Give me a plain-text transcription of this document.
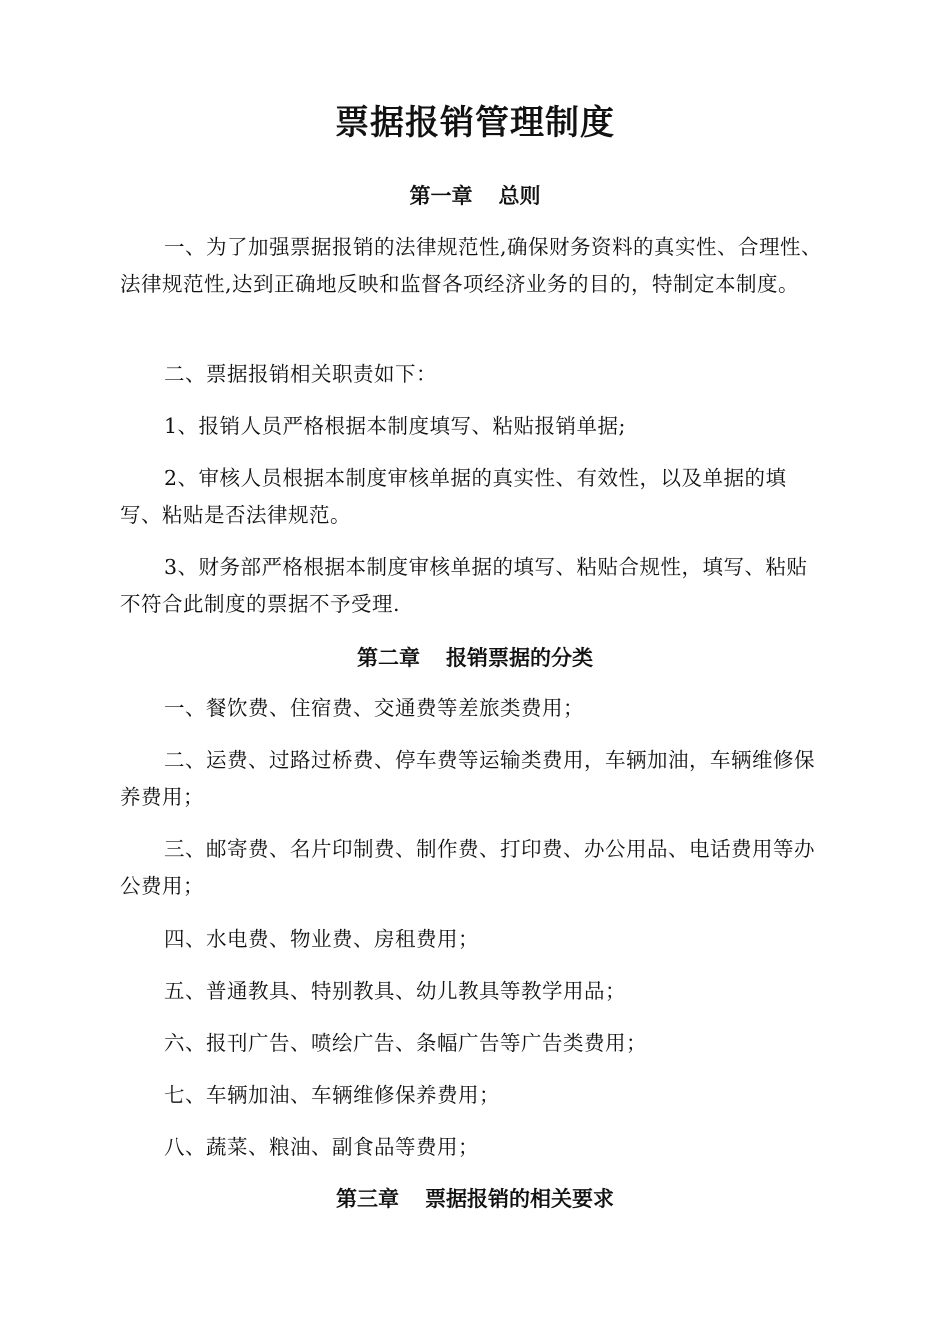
票据报销管理制度
第一章 总则

一、为了加强票据报销的法律规范性,确保财务资料的真实性、合理性、法律规范性,达到正确地反映和监督各项经济业务的目的，特制定本制度。

二、票据报销相关职责如下：

1、报销人员严格根据本制度填写、粘贴报销单据;

2、审核人员根据本制度审核单据的真实性、有效性，以及单据的填写、粘贴是否法律规范。

3、财务部严格根据本制度审核单据的填写、粘贴合规性，填写、粘贴不符合此制度的票据不予受理.

第二章 报销票据的分类

一、餐饮费、住宿费、交通费等差旅类费用；

二、运费、过路过桥费、停车费等运输类费用，车辆加油，车辆维修保养费用；

三、邮寄费、名片印制费、制作费、打印费、办公用品、电话费用等办公费用；

四、水电费、物业费、房租费用；

五、普通教具、特别教具、幼儿教具等教学用品；

六、报刊广告、喷绘广告、条幅广告等广告类费用；

七、车辆加油、车辆维修保养费用；

八、蔬菜、粮油、副食品等费用；

第三章 票据报销的相关要求
